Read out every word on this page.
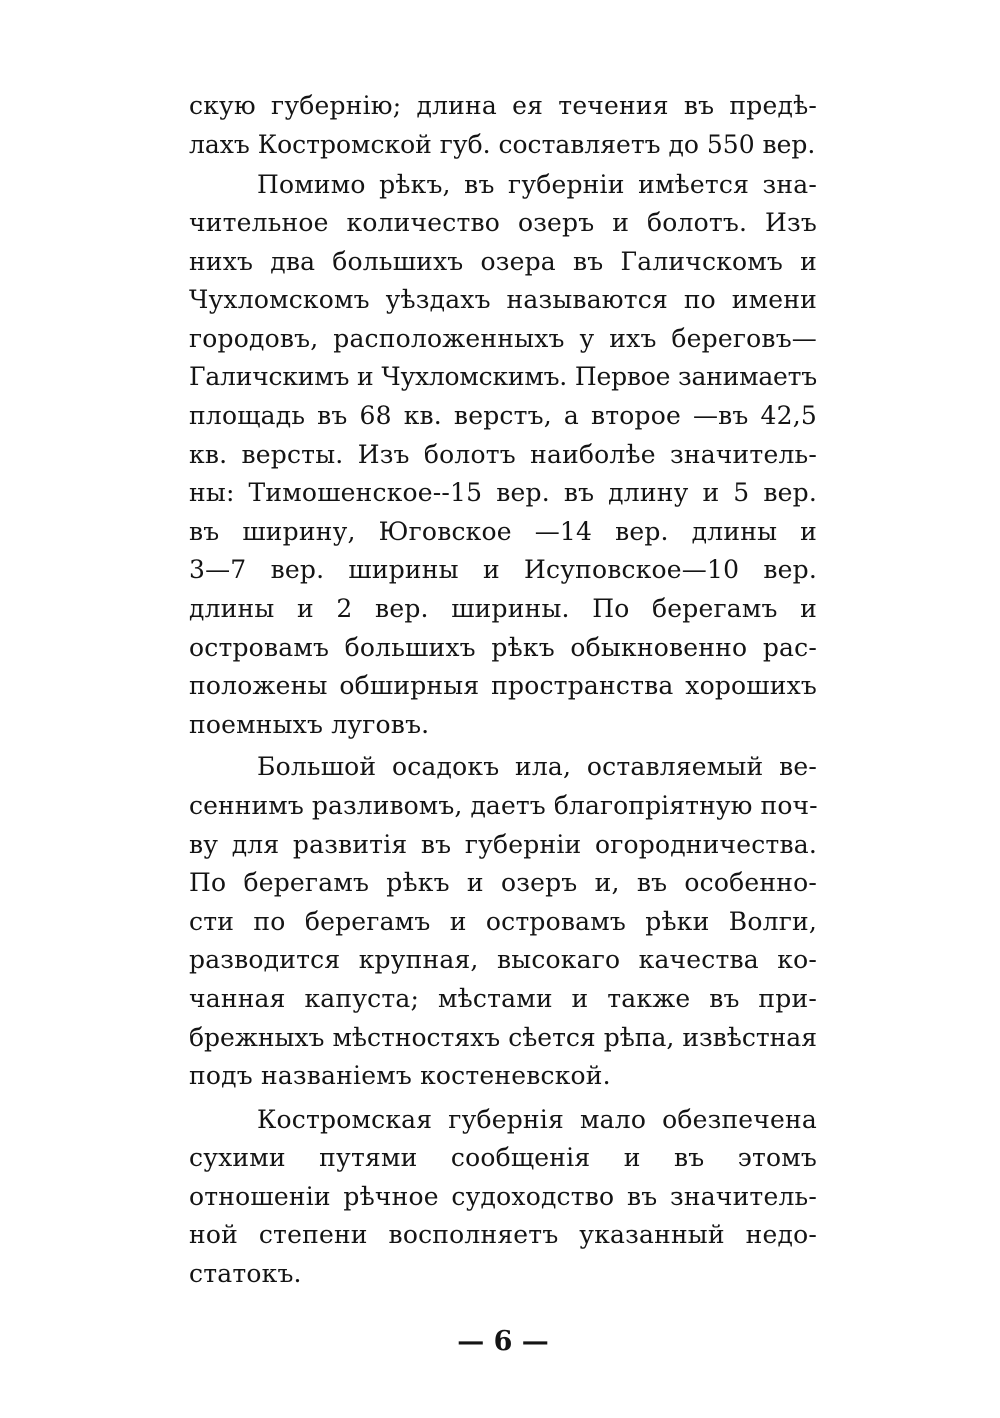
скую губернію; длина ея течения въ предѣ-
лахъ Костромской губ. составляетъ до 550 вер.
Помимо рѣкъ, въ губерніи имѣется зна-
чительное количество озеръ и болотъ. Изъ
нихъ два большихъ озера въ Галичскомъ и
Чухломскомъ уѣздахъ называются по имени
городовъ, расположенныхъ у ихъ береговъ—
Галичскимъ и Чухломскимъ. Первое занимаетъ
площадь въ 68 кв. верстъ, а второе —въ 42,5
кв. версты. Изъ болотъ наиболѣе значитель-
ны: Тимошенское--15 вер. въ длину и 5 вер.
въ ширину, Юговское —14 вер. длины и
3—7 вер. ширины и Исуповское—10 вер.
длины и 2 вер. ширины. По берегамъ и
островамъ большихъ рѣкъ обыкновенно рас-
положены обширныя пространства хорошихъ
поемныхъ луговъ.
Большой осадокъ ила, оставляемый ве-
сеннимъ разливомъ, даетъ благопріятную поч-
ву для развитія въ губерніи огородничества.
По берегамъ рѣкъ и озеръ и, въ особенно-
сти по берегамъ и островамъ рѣки Волги,
разводится крупная, высокаго качества ко-
чанная капуста; мѣстами и также въ при-
брежныхъ мѣстностяхъ сѣется рѣпа, извѣстная
подъ названіемъ костеневской.
Костромская губернія мало обезпечена
сухими путями сообщенія и въ этомъ
отношеніи рѣчное судоходство въ значитель-
ной степени восполняетъ указанный недо-
статокъ.
— 6 —
